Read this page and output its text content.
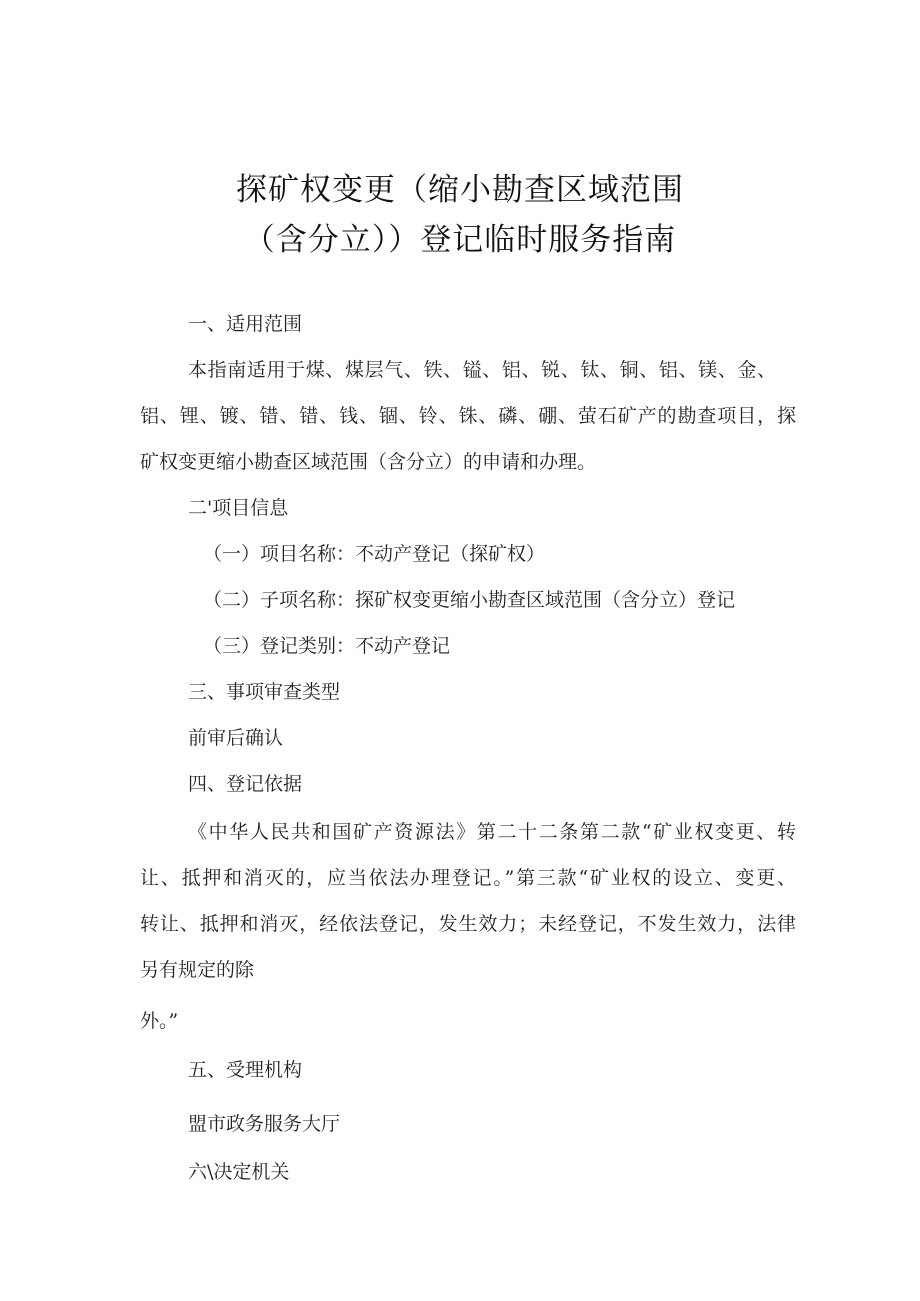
探矿权变更（缩小勘查区域范围
（含分立））登记临时服务指南
一、适用范围
本指南适用于煤、煤层气、铁、镒、铝、锐、钛、铜、铝、镁、金、
铝、锂、镀、错、错、钱、锢、铃、铢、磷、硼、萤石矿产的勘查项目，探
矿权变更缩小勘查区域范围（含分立）的申请和办理。
二'项目信息
（一）项目名称：不动产登记（探矿权）
（二）子项名称：探矿权变更缩小勘查区域范围（含分立）登记
（三）登记类别：不动产登记
三、事项审查类型
前审后确认
四、登记依据
《中华人民共和国矿产资源法》第二十二条第二款“矿业权变更、转
让、抵押和消灭的，应当依法办理登记。”第三款“矿业权的设立、变更、
转让、抵押和消灭，经依法登记，发生效力；未经登记，不发生效力，法律
另有规定的除
外。”
五、受理机构
盟市政务服务大厅
六\决定机关
